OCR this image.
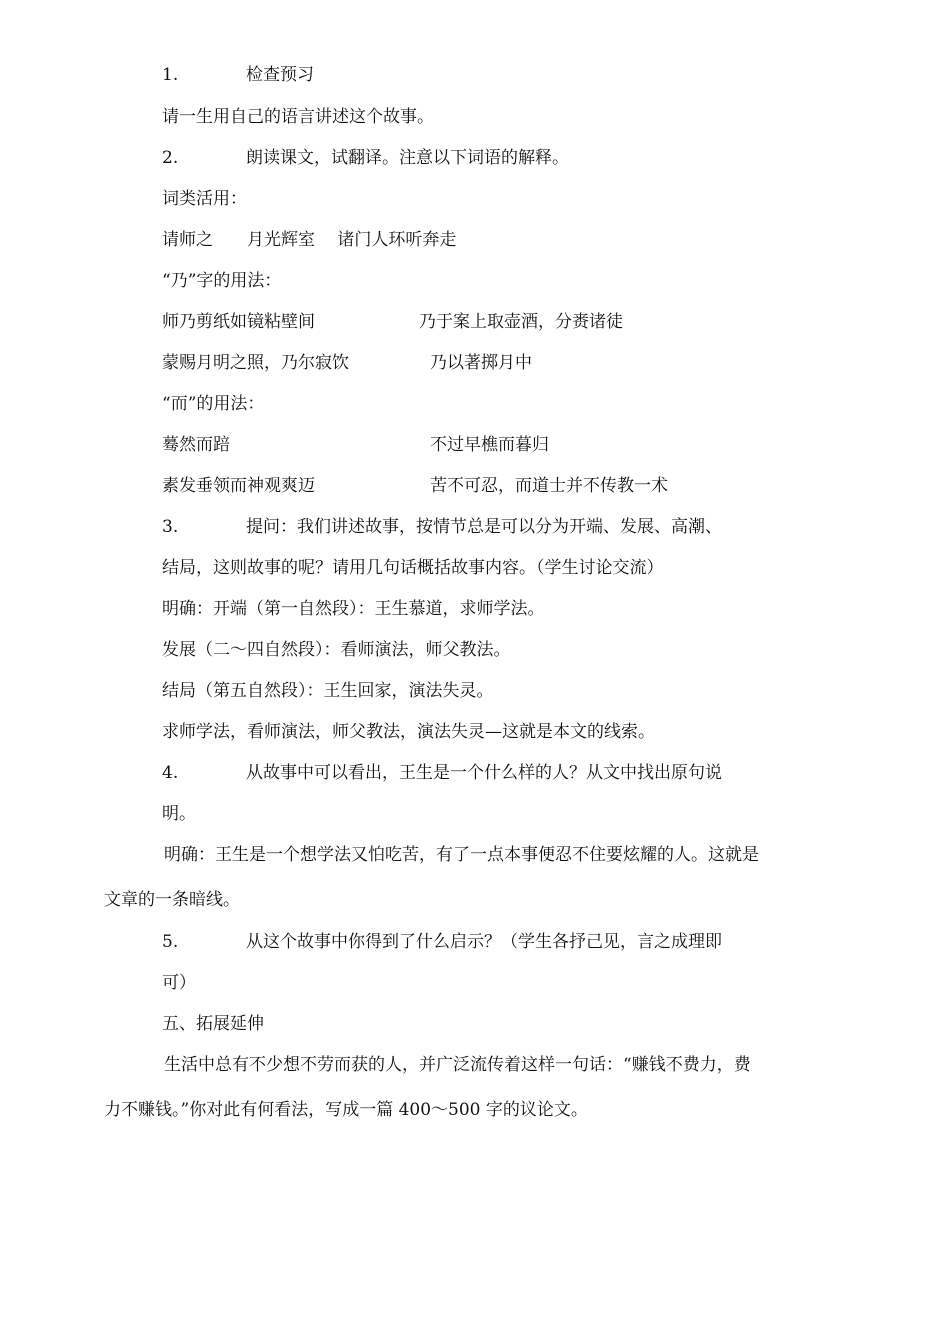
1.	检查预习
请一生用自己的语言讲述这个故事。
2.	朗读课文，试翻译。注意以下词语的解释。
词类活用：
请师之　　月光辉室　 诸门人环听奔走
“乃”字的用法：
师乃剪纸如镜粘壁间	乃于案上取壶酒，分赉诸徒
蒙赐月明之照，乃尔寂饮	乃以著掷月中
“而”的用法：
蓦然而踣	不过早樵而暮归
素发垂领而神观爽迈	苦不可忍，而道士并不传教一术
3.	提问：我们讲述故事，按情节总是可以分为开端、发展、高潮、
结局，这则故事的呢？请用几句话概括故事内容。（学生讨论交流）
明确：开端（第一自然段）：王生慕道，求师学法。
发展（二～四自然段）：看师演法，师父教法。
结局（第五自然段）：王生回家，演法失灵。
求师学法，看师演法，师父教法，演法失灵—这就是本文的线索。
4.	从故事中可以看出，王生是一个什么样的人？从文中找出原句说
明。
明确：王生是一个想学法又怕吃苦，有了一点本事便忍不住要炫耀的人。这就是
文章的一条暗线。
5.	从这个故事中你得到了什么启示？（学生各抒己见，言之成理即
可）
五、拓展延伸
生活中总有不少想不劳而获的人，并广泛流传着这样一句话：“赚钱不费力，费
力不赚钱。”你对此有何看法，写成一篇 400～500 字的议论文。
